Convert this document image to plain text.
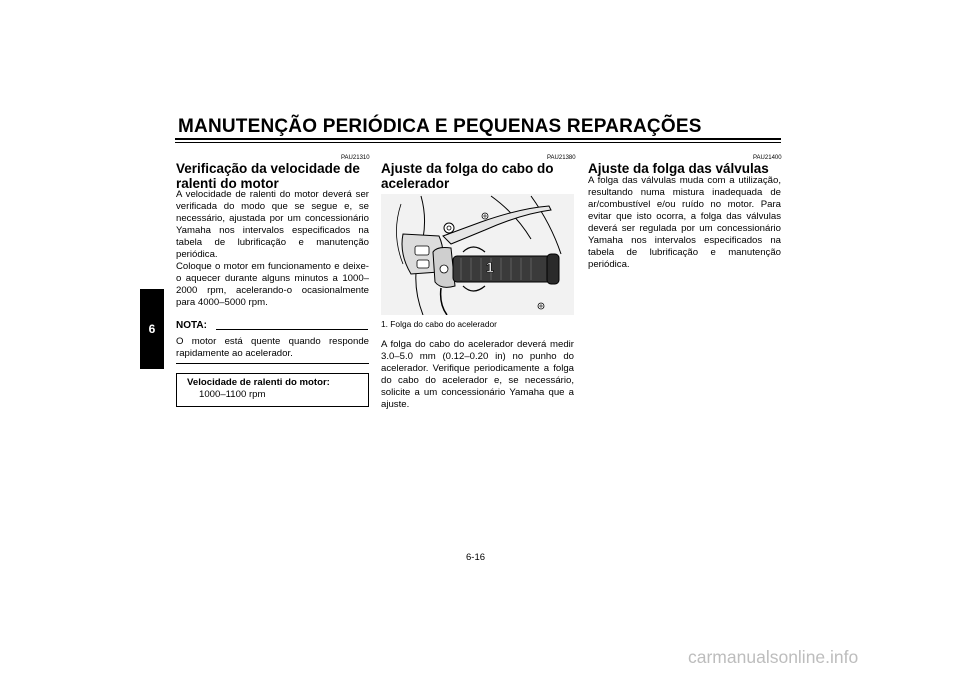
MANUTENÇÃO PERIÓDICA E PEQUENAS REPARAÇÕES
6
PAU21310
Verificação da velocidade de
ralenti do motor

A velocidade de ralenti do motor deverá ser verificada do modo que se segue e, se necessário, ajustada por um concessionário Yamaha nos intervalos especificados na tabela de lubrificação e manutenção periódica.

Coloque o motor em funcionamento e deixe-o aquecer durante alguns minutos a 1000–2000 rpm, acelerando-o ocasionalmente para 4000–5000 rpm.

NOTA:

O motor está quente quando responde rapidamente ao acelerador.

Velocidade de ralenti do motor:
1000–1100 rpm
PAU21380
Ajuste da folga do cabo do
acelerador
1
1. Folga do cabo do acelerador

A folga do cabo do acelerador deverá medir 3.0–5.0 mm (0.12–0.20 in) no punho do acelerador. Verifique periodicamente a folga do cabo do acelerador e, se necessário, solicite a um concessionário Yamaha que a ajuste.

PAU21400
Ajuste da folga das válvulas

A folga das válvulas muda com a utilização, resultando numa mistura inadequada de ar/combustível e/ou ruído no motor. Para evitar que isto ocorra, a folga das válvulas deverá ser regulada por um concessionário Yamaha nos intervalos especificados na tabela de lubrificação e manutenção periódica.

6-16
carmanualsonline.info
